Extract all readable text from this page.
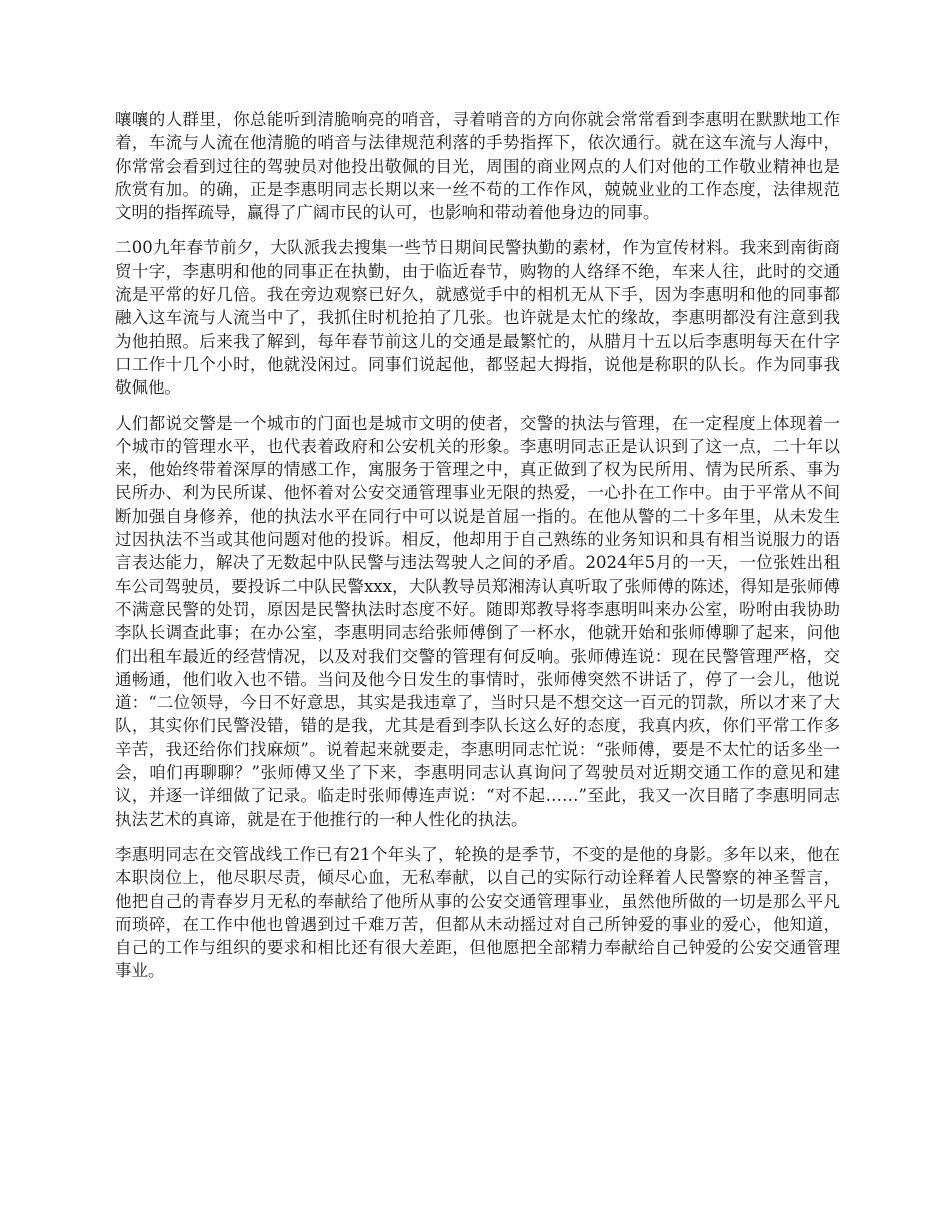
嚷嚷的人群里，你总能听到清脆响亮的哨音，寻着哨音的方向你就会常常看到李惠明在默默地工作着，车流与人流在他清脆的哨音与法律规范利落的手势指挥下，依次通行。就在这车流与人海中，你常常会看到过往的驾驶员对他投出敬佩的目光，周围的商业网点的人们对他的工作敬业精神也是欣赏有加。的确，正是李惠明同志长期以来一丝不苟的工作作风，兢兢业业的工作态度，法律规范文明的指挥疏导，赢得了广阔市民的认可，也影响和带动着他身边的同事。

二00九年春节前夕，大队派我去搜集一些节日期间民警执勤的素材，作为宣传材料。我来到南街商贸十字，李惠明和他的同事正在执勤，由于临近春节，购物的人络绎不绝，车来人往，此时的交通流是平常的好几倍。我在旁边观察已好久，就感觉手中的相机无从下手，因为李惠明和他的同事都融入这车流与人流当中了，我抓住时机抢拍了几张。也许就是太忙的缘故，李惠明都没有注意到我为他拍照。后来我了解到，每年春节前这儿的交通是最繁忙的，从腊月十五以后李惠明每天在什字口工作十几个小时，他就没闲过。同事们说起他，都竖起大拇指，说他是称职的队长。作为同事我敬佩他。

人们都说交警是一个城市的门面也是城市文明的使者，交警的执法与管理，在一定程度上体现着一个城市的管理水平，也代表着政府和公安机关的形象。李惠明同志正是认识到了这一点，二十年以来，他始终带着深厚的情感工作，寓服务于管理之中，真正做到了权为民所用、情为民所系、事为民所办、利为民所谋、他怀着对公安交通管理事业无限的热爱，一心扑在工作中。由于平常从不间断加强自身修养，他的执法水平在同行中可以说是首屈一指的。在他从警的二十多年里，从未发生过因执法不当或其他问题对他的投诉。相反，他却用于自己熟练的业务知识和具有相当说服力的语言表达能力，解决了无数起中队民警与违法驾驶人之间的矛盾。2024年5月的一天，一位张姓出租车公司驾驶员，要投诉二中队民警xxx，大队教导员郑湘涛认真听取了张师傅的陈述，得知是张师傅不满意民警的处罚，原因是民警执法时态度不好。随即郑教导将李惠明叫来办公室，吩咐由我协助李队长调查此事；在办公室，李惠明同志给张师傅倒了一杯水，他就开始和张师傅聊了起来，问他们出租车最近的经营情况，以及对我们交警的管理有何反响。张师傅连说：现在民警管理严格，交通畅通，他们收入也不错。当问及他今日发生的事情时，张师傅突然不讲话了，停了一会儿，他说道：“二位领导，今日不好意思，其实是我违章了，当时只是不想交这一百元的罚款，所以才来了大队，其实你们民警没错，错的是我，尤其是看到李队长这么好的态度，我真内疚，你们平常工作多辛苦，我还给你们找麻烦”。说着起来就要走，李惠明同志忙说：“张师傅，要是不太忙的话多坐一会，咱们再聊聊？”张师傅又坐了下来，李惠明同志认真询问了驾驶员对近期交通工作的意见和建议，并逐一详细做了记录。临走时张师傅连声说：“对不起……”至此，我又一次目睹了李惠明同志执法艺术的真谛，就是在于他推行的一种人性化的执法。

李惠明同志在交管战线工作已有21个年头了，轮换的是季节，不变的是他的身影。多年以来，他在本职岗位上，他尽职尽责，倾尽心血，无私奉献，以自己的实际行动诠释着人民警察的神圣誓言，他把自己的青春岁月无私的奉献给了他所从事的公安交通管理事业，虽然他所做的一切是那么平凡而琐碎，在工作中他也曾遇到过千难万苦，但都从未动摇过对自己所钟爱的事业的爱心，他知道，自己的工作与组织的要求和相比还有很大差距，但他愿把全部精力奉献给自己钟爱的公安交通管理事业。
